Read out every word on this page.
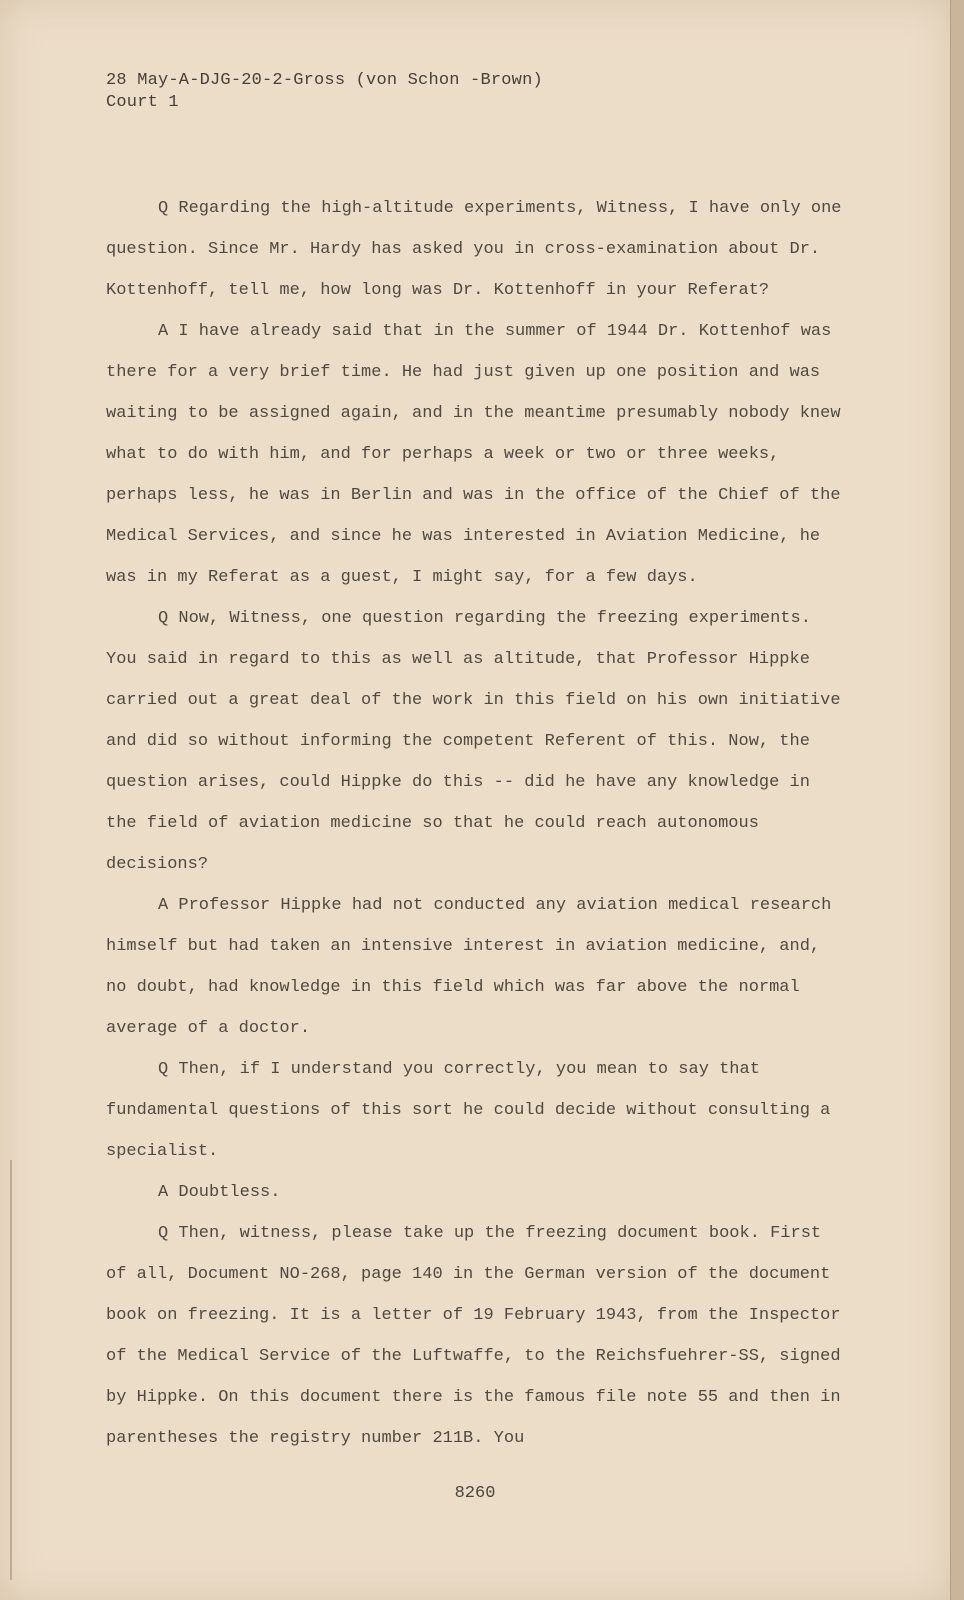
28 May-A-DJG-20-2-Gross (von Schon -Brown)
Court 1

Q Regarding the high-altitude experiments, Witness, I have only one question. Since Mr. Hardy has asked you in cross-examination about Dr. Kottenhoff, tell me, how long was Dr. Kottenhoff in your Referat?

A I have already said that in the summer of 1944 Dr. Kottenhof was there for a very brief time. He had just given up one position and was waiting to be assigned again, and in the meantime presumably nobody knew what to do with him, and for perhaps a week or two or three weeks, perhaps less, he was in Berlin and was in the office of the Chief of the Medical Services, and since he was interested in Aviation Medicine, he was in my Referat as a guest, I might say, for a few days.

Q Now, Witness, one question regarding the freezing experiments. You said in regard to this as well as altitude, that Professor Hippke carried out a great deal of the work in this field on his own initiative and did so without informing the competent Referent of this. Now, the question arises, could Hippke do this -- did he have any knowledge in the field of aviation medicine so that he could reach autonomous decisions?

A Professor Hippke had not conducted any aviation medical research himself but had taken an intensive interest in aviation medicine, and, no doubt, had knowledge in this field which was far above the normal average of a doctor.

Q Then, if I understand you correctly, you mean to say that fundamental questions of this sort he could decide without consulting a specialist.

A Doubtless.

Q Then, witness, please take up the freezing document book. First of all, Document NO-268, page 140 in the German version of the document book on freezing. It is a letter of 19 February 1943, from the Inspector of the Medical Service of the Luftwaffe, to the Reichsfuehrer-SS, signed by Hippke. On this document there is the famous file note 55 and then in parentheses the registry number 211B. You

8260
